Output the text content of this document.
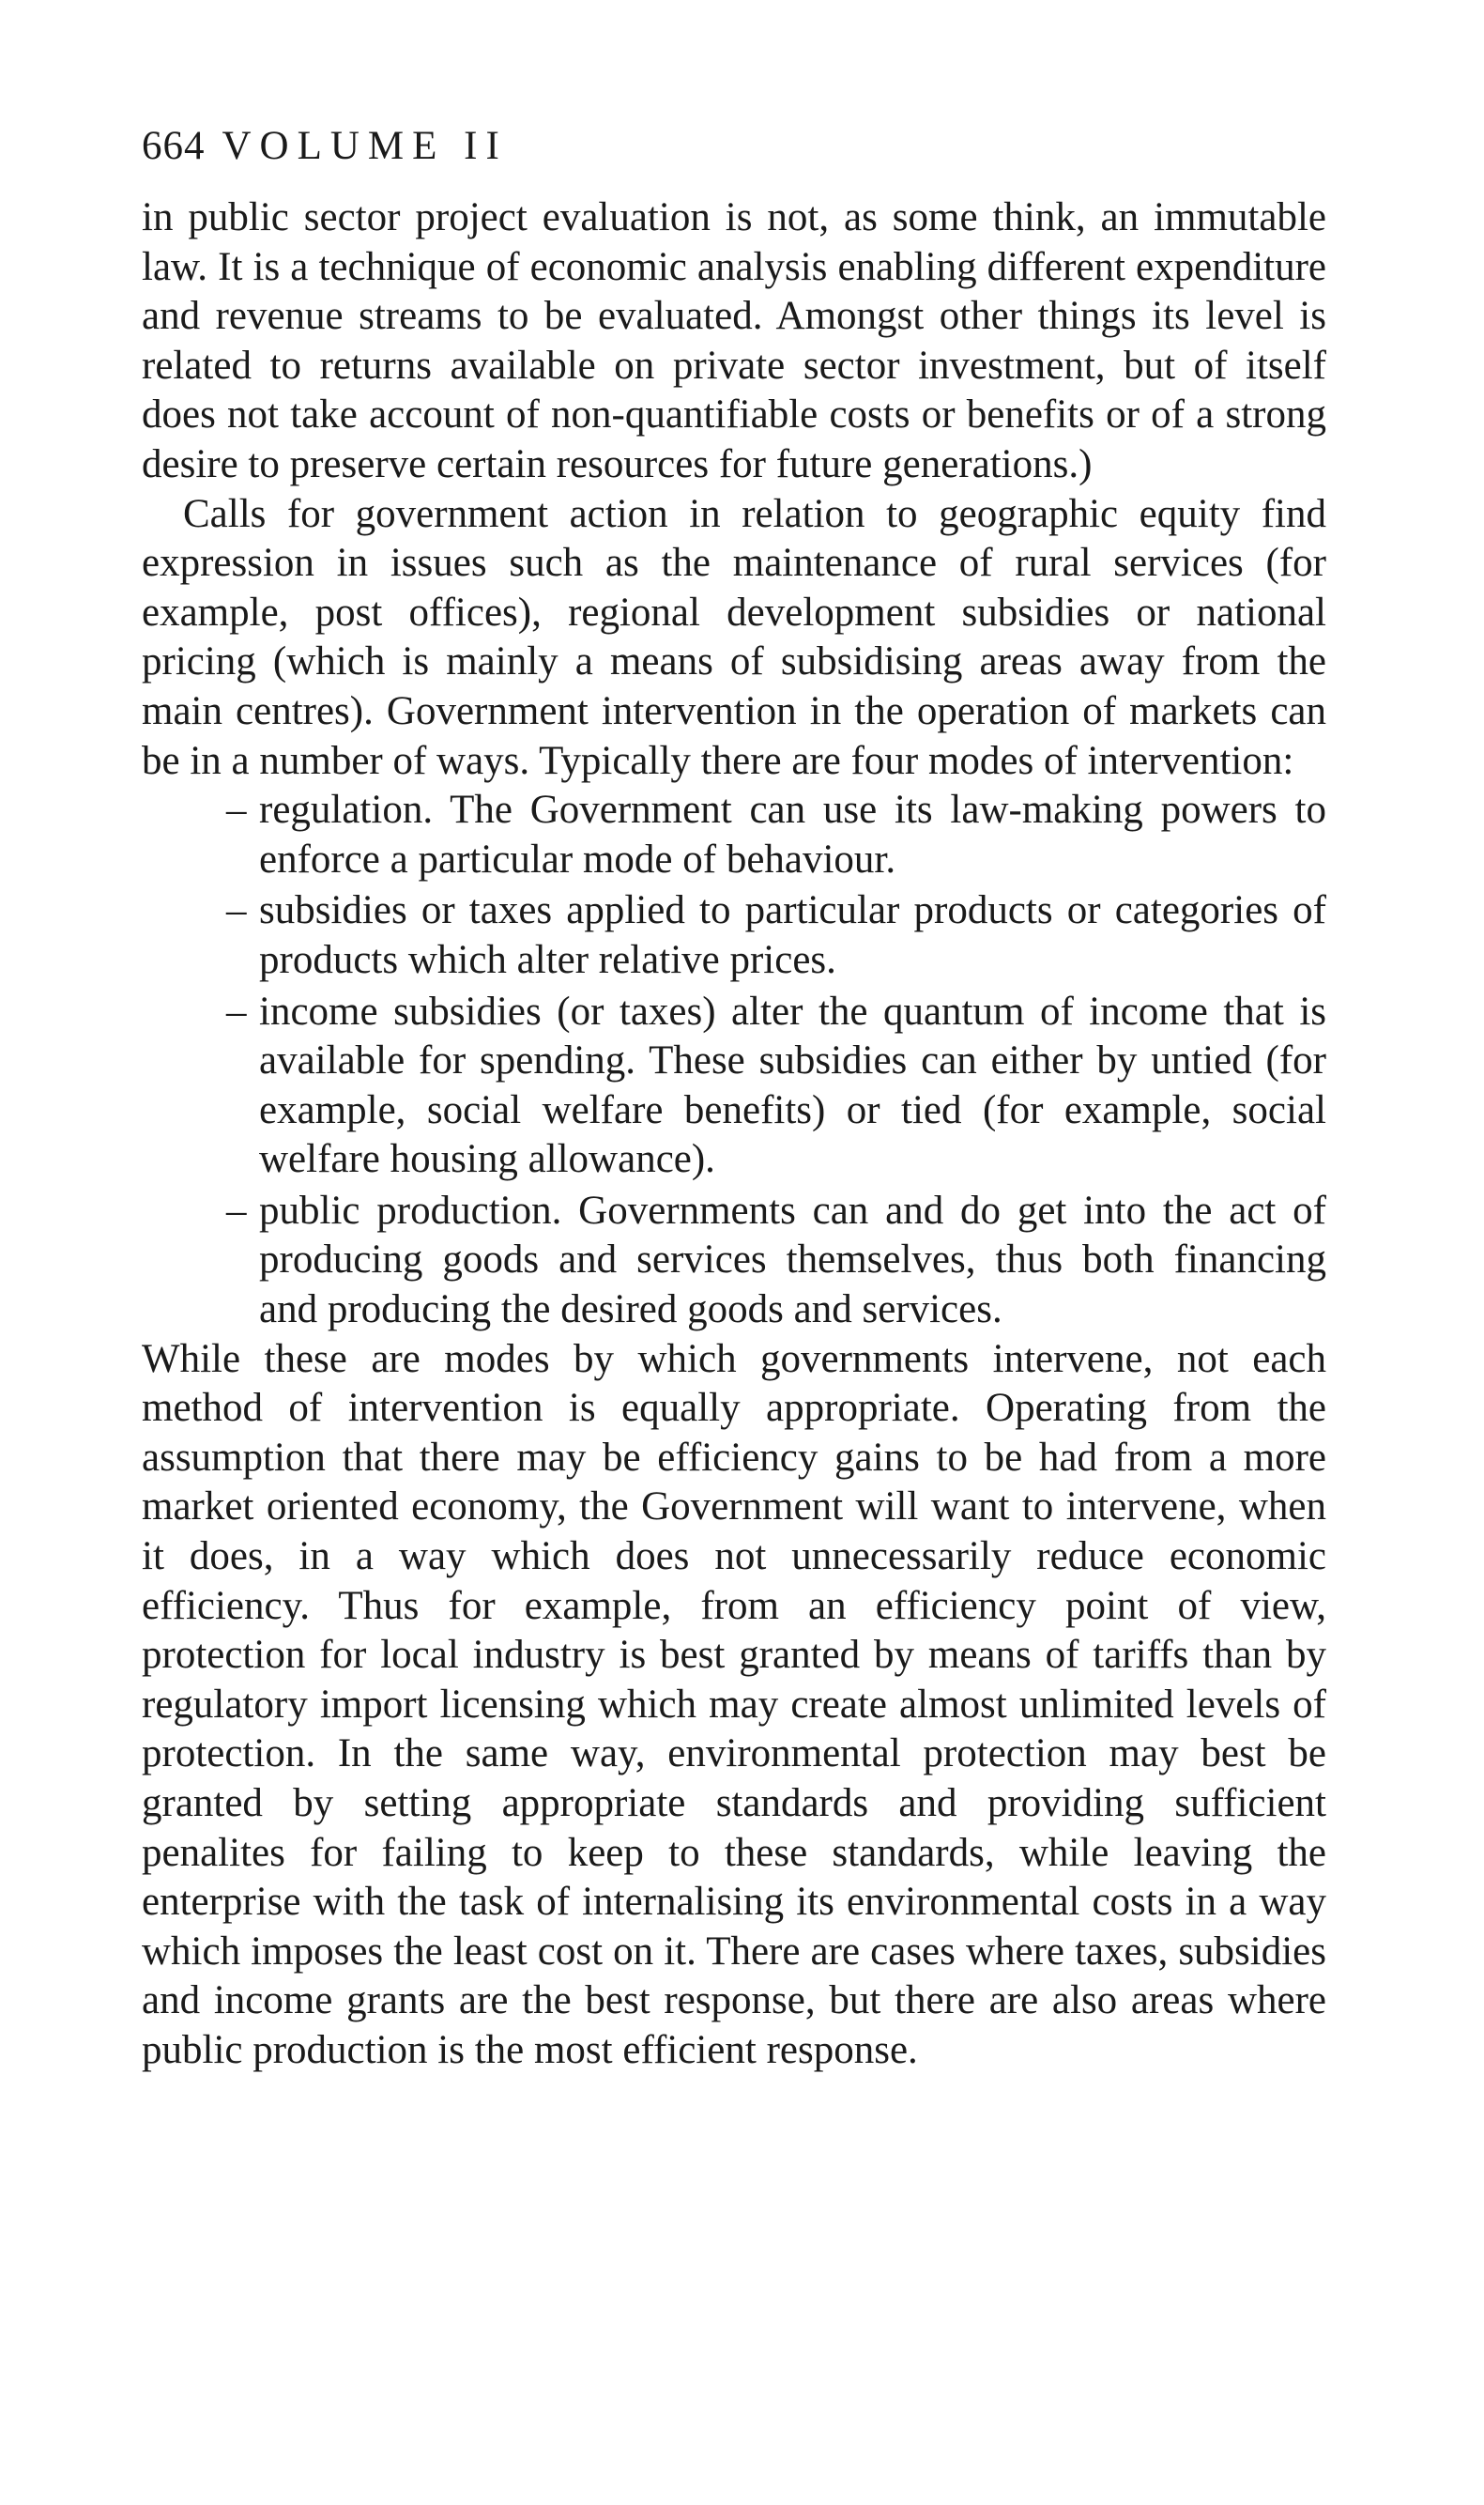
664 VOLUME II

in public sector project evaluation is not, as some think, an immutable law. It is a technique of economic analysis enabling different expenditure and revenue streams to be evaluated. Amongst other things its level is related to returns available on private sector investment, but of itself does not take account of non-quantifiable costs or benefits or of a strong desire to preserve certain resources for future generations.)

Calls for government action in relation to geographic equity find expression in issues such as the maintenance of rural services (for example, post offices), regional development subsidies or national pricing (which is mainly a means of subsidising areas away from the main centres). Government intervention in the operation of markets can be in a number of ways. Typically there are four modes of intervention:

– regulation. The Government can use its law-making powers to enforce a particular mode of behaviour.
– subsidies or taxes applied to particular products or categories of products which alter relative prices.
– income subsidies (or taxes) alter the quantum of income that is available for spending. These subsidies can either by untied (for example, social welfare benefits) or tied (for example, social welfare housing allowance).
– public production. Governments can and do get into the act of producing goods and services themselves, thus both financing and producing the desired goods and services.

While these are modes by which governments intervene, not each method of intervention is equally appropriate. Operating from the assumption that there may be efficiency gains to be had from a more market oriented economy, the Government will want to intervene, when it does, in a way which does not unnecessarily reduce economic efficiency. Thus for example, from an efficiency point of view, protection for local industry is best granted by means of tariffs than by regulatory import licensing which may create almost unlimited levels of protection. In the same way, environmental protection may best be granted by setting appropriate standards and providing sufficient penalites for failing to keep to these standards, while leaving the enterprise with the task of internalising its environmental costs in a way which imposes the least cost on it. There are cases where taxes, subsidies and income grants are the best response, but there are also areas where public production is the most efficient response.
